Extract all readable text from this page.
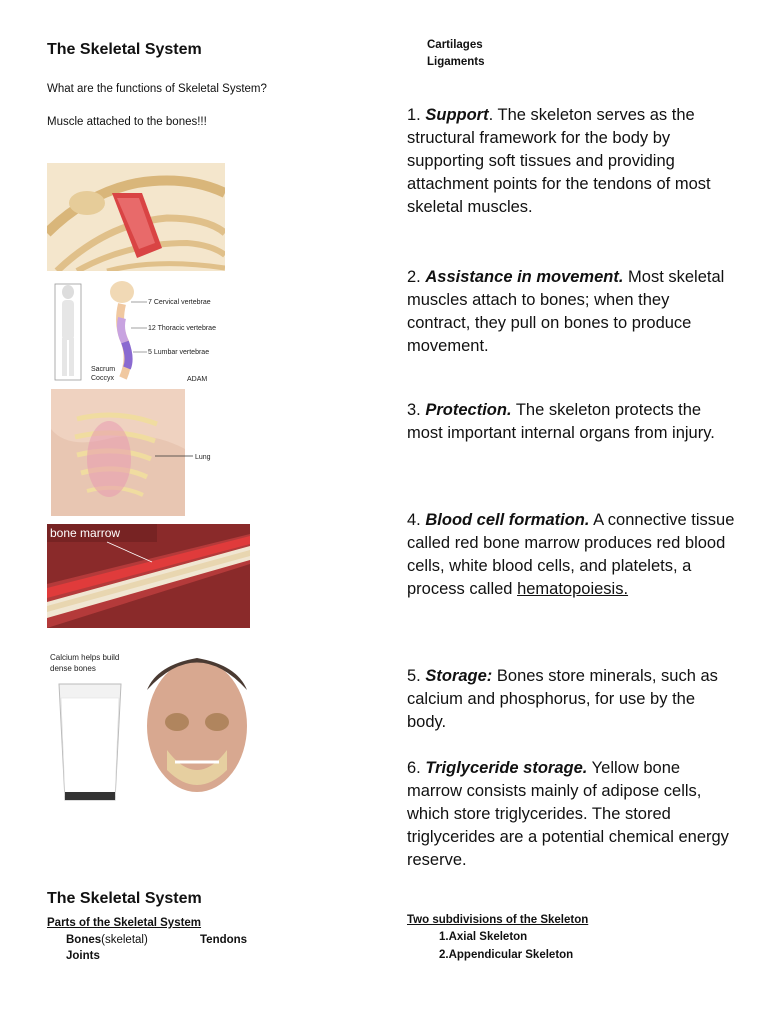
The Skeletal System
What are the functions of Skeletal System?
Muscle attached to the bones!!!
Cartilages
Ligaments
7 Cervical vertebrae
12 Thoracic vertebrae
5 Lumbar vertebrae
Sacrum
Coccyx	ADAM
Lung
bone marrow
Calcium helps build
dense bones
1. Support. The skeleton serves as the structural framework for the body by supporting soft tissues and providing attachment points for the tendons of most skeletal muscles.
2. Assistance in movement. Most skeletal muscles attach to bones; when they contract, they pull on bones to produce movement.
3. Protection. The skeleton protects the most important internal organs from injury.
4. Blood cell formation. A connective tissue called red bone marrow produces red blood cells, white blood cells, and platelets, a process called hematopoiesis.
5. Storage: Bones store minerals, such as calcium and phosphorus, for use by the body.
6. Triglyceride storage. Yellow bone marrow consists mainly of adipose cells, which store triglycerides. The stored triglycerides are a potential chemical energy reserve.
The Skeletal System
Parts of the Skeletal System
Bones(skeletal)	Tendons
Joints
Two subdivisions of the Skeleton
1.Axial Skeleton
2.Appendicular Skeleton
